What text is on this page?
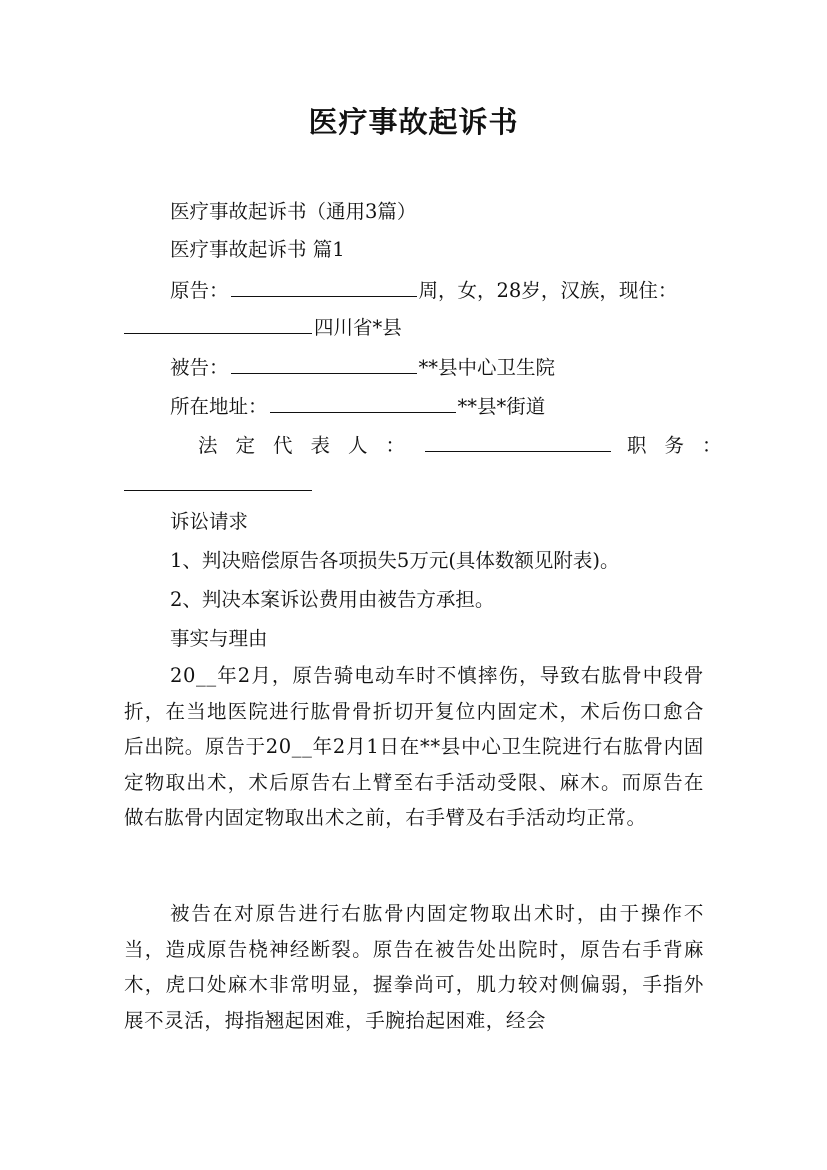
医疗事故起诉书
医疗事故起诉书（通用3篇）
医疗事故起诉书 篇1
原告：	周，女，28岁，汉族，现住：
四川省*县
被告：	**县中心卫生院
所在地址：	**县*街道
法定代表人：	职务：
诉讼请求
1、判决赔偿原告各项损失5万元(具体数额见附表)。
2、判决本案诉讼费用由被告方承担。
事实与理由
20__年2月，原告骑电动车时不慎摔伤，导致右肱骨中段骨折，在当地医院进行肱骨骨折切开复位内固定术，术后伤口愈合后出院。原告于20__年2月1日在**县中心卫生院进行右肱骨内固定物取出术，术后原告右上臂至右手活动受限、麻木。而原告在做右肱骨内固定物取出术之前，右手臂及右手活动均正常。
被告在对原告进行右肱骨内固定物取出术时，由于操作不当，造成原告桡神经断裂。原告在被告处出院时，原告右手背麻木，虎口处麻木非常明显，握拳尚可，肌力较对侧偏弱，手指外展不灵活，拇指翘起困难，手腕抬起困难，经会
